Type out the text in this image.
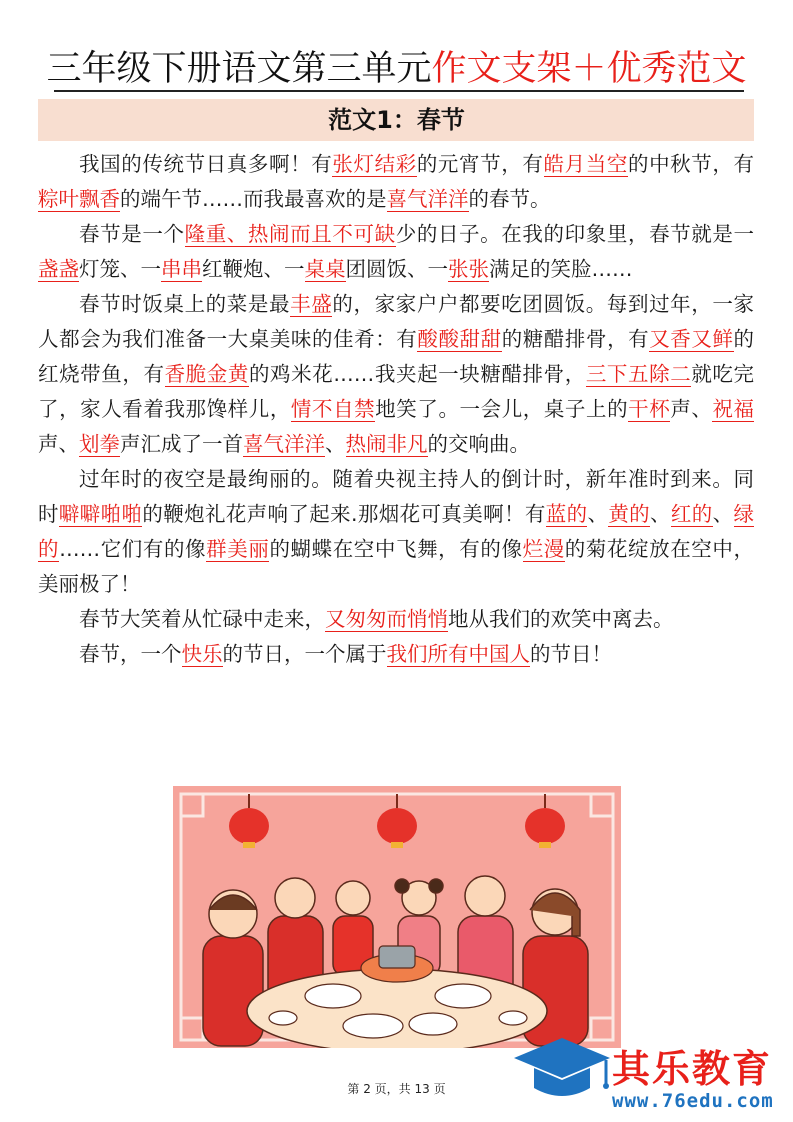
三年级下册语文第三单元作文支架＋优秀范文
范文1：春节

我国的传统节日真多啊！有张灯结彩的元宵节，有皓月当空的中秋节，有粽叶飘香的端午节……而我最喜欢的是喜气洋洋的春节。

春节是一个隆重、热闹而且不可缺少的日子。在我的印象里，春节就是一盏盏灯笼、一串串红鞭炮、一桌桌团圆饭、一张张满足的笑脸……

春节时饭桌上的菜是最丰盛的，家家户户都要吃团圆饭。每到过年，一家人都会为我们准备一大桌美味的佳肴：有酸酸甜甜的糖醋排骨，有又香又鲜的红烧带鱼，有香脆金黄的鸡米花……我夹起一块糖醋排骨，三下五除二就吃完了，家人看着我那馋样儿，情不自禁地笑了。一会儿，桌子上的干杯声、祝福声、划拳声汇成了一首喜气洋洋、热闹非凡的交响曲。

过年时的夜空是最绚丽的。随着央视主持人的倒计时，新年准时到来。同时噼噼啪啪的鞭炮礼花声响了起来.那烟花可真美啊！有蓝的、黄的、红的、绿的……它们有的像群美丽的蝴蝶在空中飞舞，有的像烂漫的菊花绽放在空中，美丽极了！

春节大笑着从忙碌中走来，又匆匆而悄悄地从我们的欢笑中离去。

春节，一个快乐的节日，一个属于我们所有中国人的节日！

第 2 页，共 13 页	其乐教育
www.76edu.com
